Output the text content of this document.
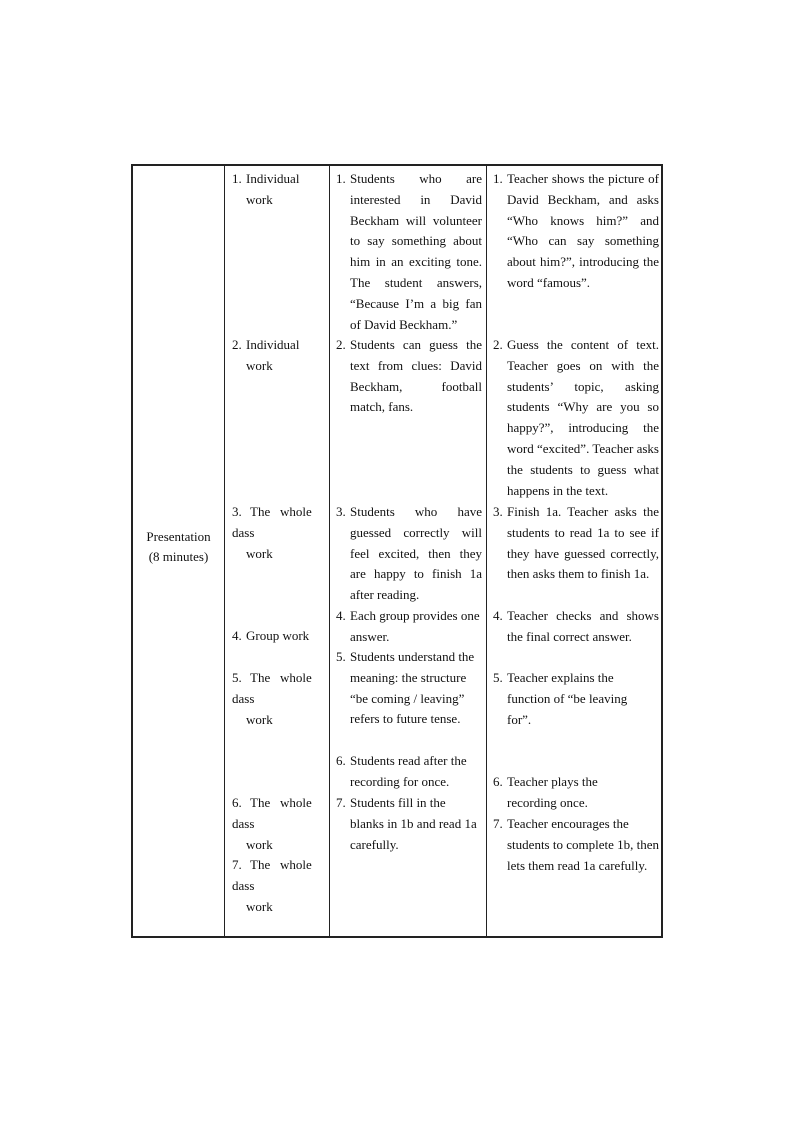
Presentation
(8 minutes)
1. Individual

work
2. Individual

work
3. The   whole
dass

work
4. Group work
5. The   whole
dass

work
6. The   whole
dass

work
7. The   whole
dass

work
1. Students who are interested in David Beckham will volunteer to say something about him in an exciting tone. The student answers, “Because I’m a big fan of David Beckham.”
2. Students can guess the text from clues: David Beckham, football match, fans.
3. Students who have guessed correctly will feel excited, then they are happy to finish 1a after reading.
4. Each group provides one answer.
5. Students understand the meaning: the structure “be coming / leaving” refers to future tense.
6. Students read after the recording for once.
7. Students fill in the blanks in 1b and read 1a carefully.
1. Teacher shows the picture of David Beckham, and asks “Who knows him?” and “Who can say something about him?”, introducing the word “famous”.
2. Guess the content of text. Teacher goes on with the students’ topic, asking students “Why are you so happy?”, introducing the word “excited”. Teacher asks the students to guess what happens in the text.
3. Finish 1a. Teacher asks the students to read 1a to see if they have guessed correctly, then asks them to finish 1a.
4. Teacher checks and shows the final correct answer.
5. Teacher explains the function of “be leaving for”.
6. Teacher plays the recording once.
7. Teacher encourages the students to complete 1b, then lets them read 1a carefully.
